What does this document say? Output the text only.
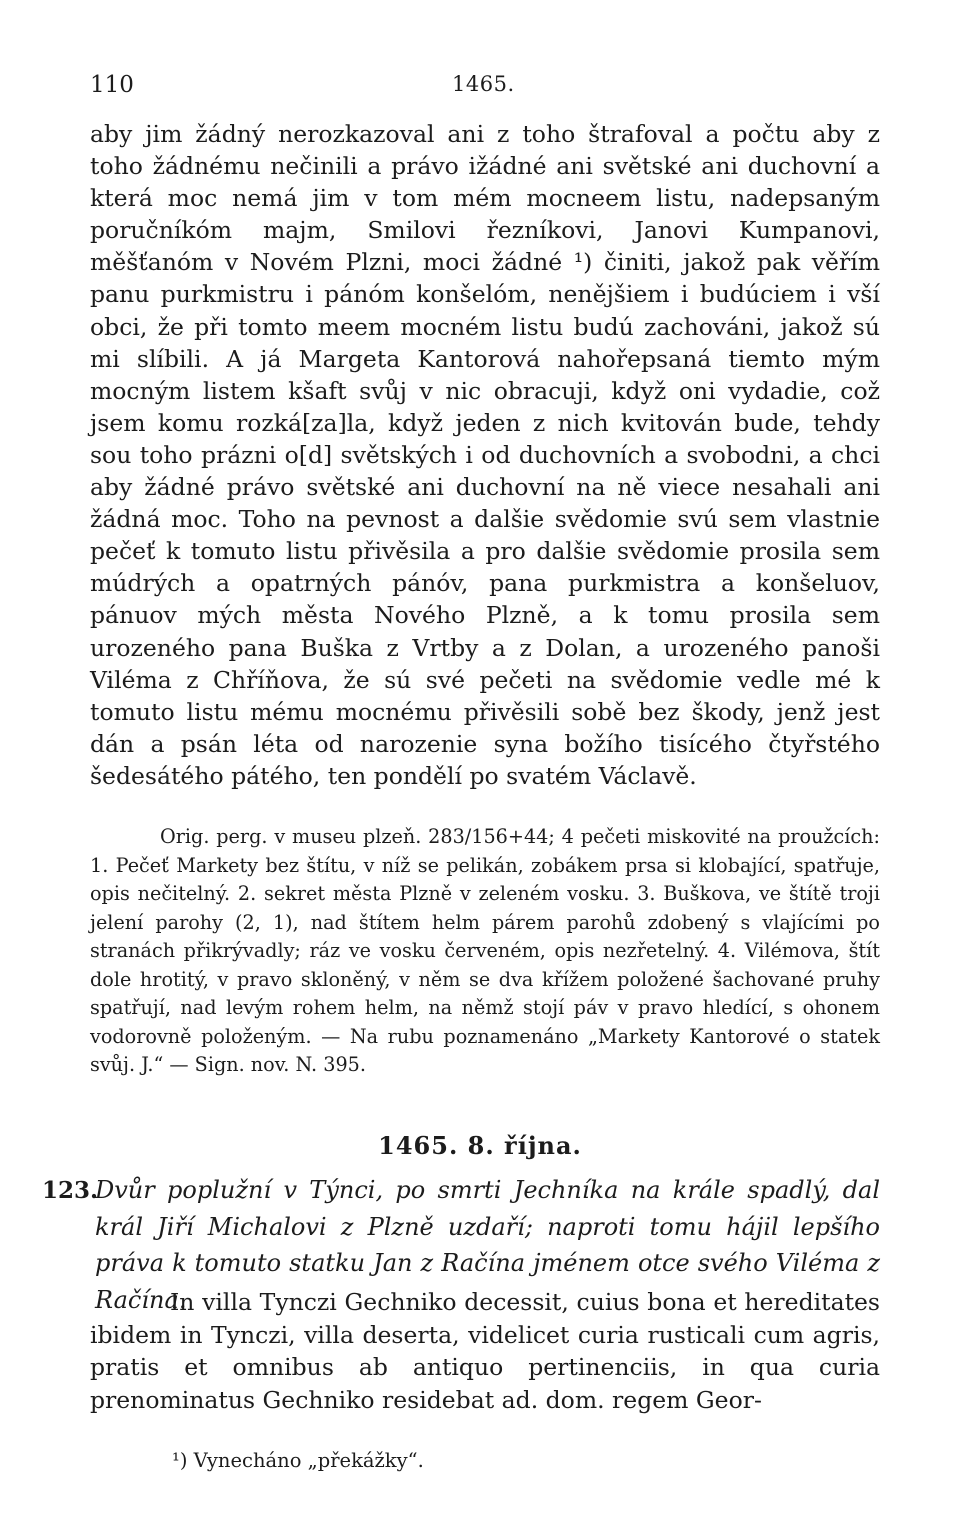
110	1465.

aby jim žádný nerozkazoval ani z toho štrafoval a počtu aby z toho žádnému nečinili a právo ižádné ani světské ani duchovní a která moc nemá jim v tom mém mocneem listu, nadepsaným poručníkóm majm, Smilovi řezníkovi, Janovi Kumpanovi, měšťanóm v Novém Plzni, moci žádné ¹) činiti, jakož pak věřím panu purkmistru i pánóm konšelóm, nenějšiem i budúciem i vší obci, že při tomto meem mocném listu budú zachováni, jakož sú mi slíbili. A já Margeta Kantorová nahořepsaná tiemto mým mocným listem kšaft svůj v nic obracuji, když oni vydadie, což jsem komu rozká[za]la, když jeden z nich kvitován bude, tehdy sou toho prázni o[d] světských i od duchovních a svobodni, a chci aby žádné právo světské ani duchovní na ně viece nesahali ani žádná moc. Toho na pevnost a dalšie svědomie svú sem vlastnie pečeť k tomuto listu přivěsila a pro dalšie svědomie prosila sem múdrých a opatrných pánóv, pana purkmistra a konšeluov, pánuov mých města Nového Plzně, a k tomu prosila sem urozeného pana Buška z Vrtby a z Dolan, a urozeného panoši Viléma z Chříňova, že sú své pečeti na svědomie vedle mé k tomuto listu mému mocnému přivěsili sobě bez škody, jenž jest dán a psán léta od narozenie syna božího tisícého čtyřstého šedesátého pátého, ten pondělí po svatém Václavě.

Orig. perg. v museu plzeň. 283/156+44; 4 pečeti miskovité na proužcích: 1. Pečeť Markety bez štítu, v níž se pelikán, zobákem prsa si klobající, spatřuje, opis nečitelný. 2. sekret města Plzně v zeleném vosku. 3. Buškova, ve štítě troji jelení parohy (2, 1), nad štítem helm párem parohů zdobený s vlajícími po stranách přikrývadly; ráz ve vosku červeném, opis nezřetelný. 4. Vilémova, štít dole hrotitý, v pravo skloněný, v něm se dva křížem položené šachované pruhy spatřují, nad levým rohem helm, na němž stojí páv v pravo hledící, s ohonem vodorovně položeným. — Na rubu poznamenáno „Markety Kantorové o statek svůj. J.“ — Sign. nov. N. 395.

1465. 8. října.
123.

Dvůr poplužní v Týnci, po smrti Jechníka na krále spadlý, dal král Jiří Michalovi z Plzně uzdaří; naproti tomu hájil lepšího práva k tomuto statku Jan z Račína jménem otce svého Viléma z Račína.

In villa Tynczi Gechniko decessit, cuius bona et hereditates ibidem in Tynczi, villa deserta, videlicet curia rusticali cum agris, pratis et omnibus ab antiquo pertinenciis, in qua curia prenominatus Gechniko residebat ad. dom. regem Geor-

¹) Vynecháno „překážky“.
